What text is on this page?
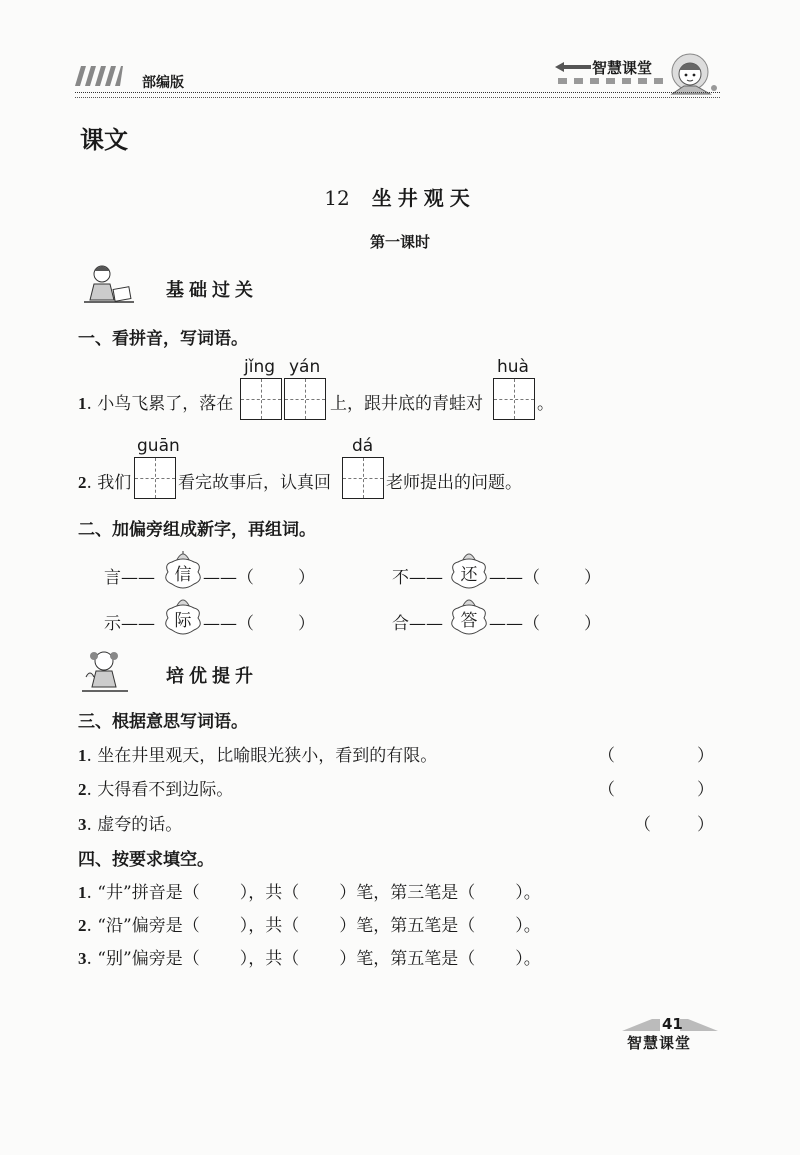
部编版
智慧课堂
课文
12 坐井观天
第一课时
基础过关
一、看拼音，写词语。
jǐng yán	huà
1. 小鸟飞累了，落在	上，跟井底的青蛙对	。
guān	dá
2. 我们	看完故事后，认真回	老师提出的问题。
二、加偏旁组成新字，再组词。
言——	信 ——（	）	不——	还 ——（	）
示——	际 ——（	）	合——	答 ——（	）
培优提升
三、根据意思写词语。
1. 坐在井里观天，比喻眼光狭小，看到的有限。	（	）
2. 大得看不到边际。	（	）
3. 虚夸的话。	（	）
四、按要求填空。
1. “井”拼音是（ ），共（ ）笔，第三笔是（ ）。
2. “沿”偏旁是（ ），共（ ）笔，第五笔是（ ）。
3. “别”偏旁是（ ），共（ ）笔，第五笔是（ ）。
41
智慧课堂
